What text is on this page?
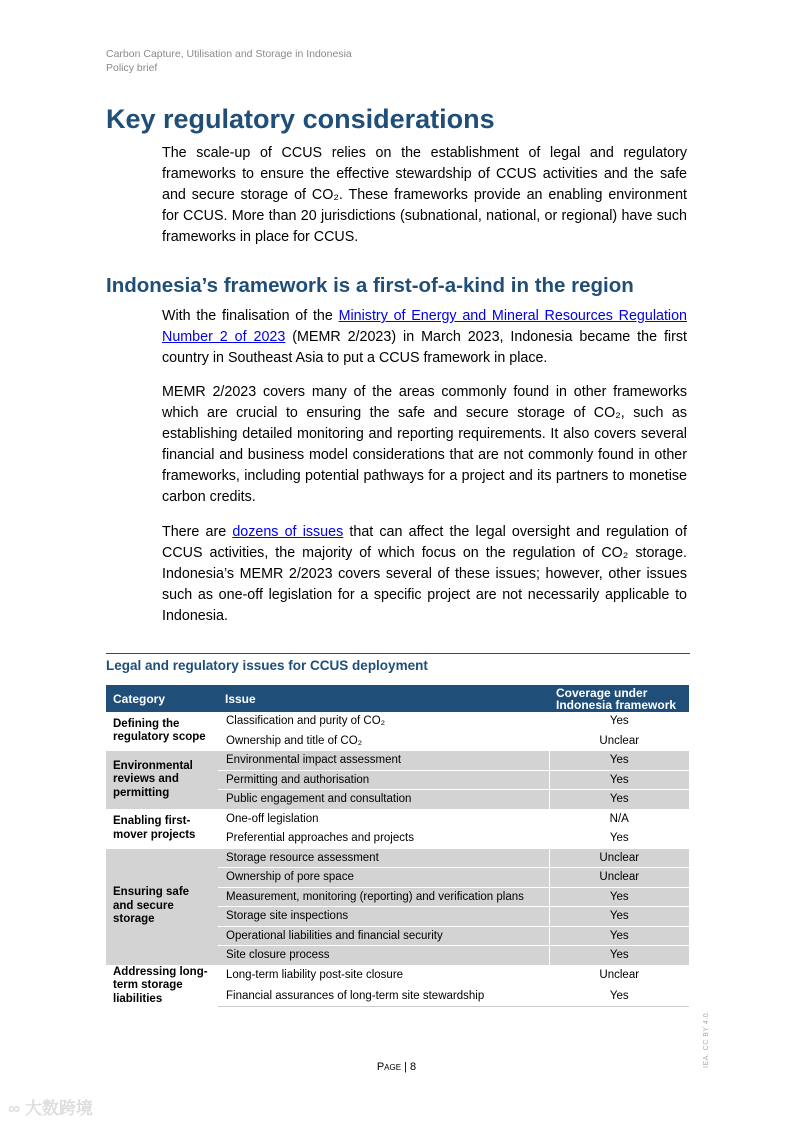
Carbon Capture, Utilisation and Storage in Indonesia
Policy brief
Key regulatory considerations

The scale-up of CCUS relies on the establishment of legal and regulatory frameworks to ensure the effective stewardship of CCUS activities and the safe and secure storage of CO₂. These frameworks provide an enabling environment for CCUS. More than 20 jurisdictions (subnational, national, or regional) have such frameworks in place for CCUS.

Indonesia’s framework is a first-of-a-kind in the region

With the finalisation of the Ministry of Energy and Mineral Resources Regulation Number 2 of 2023 (MEMR 2/2023) in March 2023, Indonesia became the first country in Southeast Asia to put a CCUS framework in place.

MEMR 2/2023 covers many of the areas commonly found in other frameworks which are crucial to ensuring the safe and secure storage of CO₂, such as establishing detailed monitoring and reporting requirements. It also covers several financial and business model considerations that are not commonly found in other frameworks, including potential pathways for a project and its partners to monetise carbon credits.

There are dozens of issues that can affect the legal oversight and regulation of CCUS activities, the majority of which focus on the regulation of CO₂ storage. Indonesia’s MEMR 2/2023 covers several of these issues; however, other issues such as one-off legislation for a specific project are not necessarily applicable to Indonesia.

Legal and regulatory issues for CCUS deployment
Category	Issue	Coverage under Indonesia framework
Defining the regulatory scope	Classification and purity of CO₂	Yes
	Ownership and title of CO₂	Unclear
Environmental reviews and permitting	Environmental impact assessment	Yes
	Permitting and authorisation	Yes
	Public engagement and consultation	Yes
Enabling first-mover projects	One-off legislation	N/A
	Preferential approaches and projects	Yes
Ensuring safe and secure storage	Storage resource assessment	Unclear
	Ownership of pore space	Unclear
	Measurement, monitoring (reporting) and verification plans	Yes
	Storage site inspections	Yes
	Operational liabilities and financial security	Yes
	Site closure process	Yes
Addressing long-term storage liabilities	Long-term liability post-site closure	Unclear
	Financial assurances of long-term site stewardship	Yes
IEA. CC BY 4.0.
Page | 8
∞ 大数跨境
